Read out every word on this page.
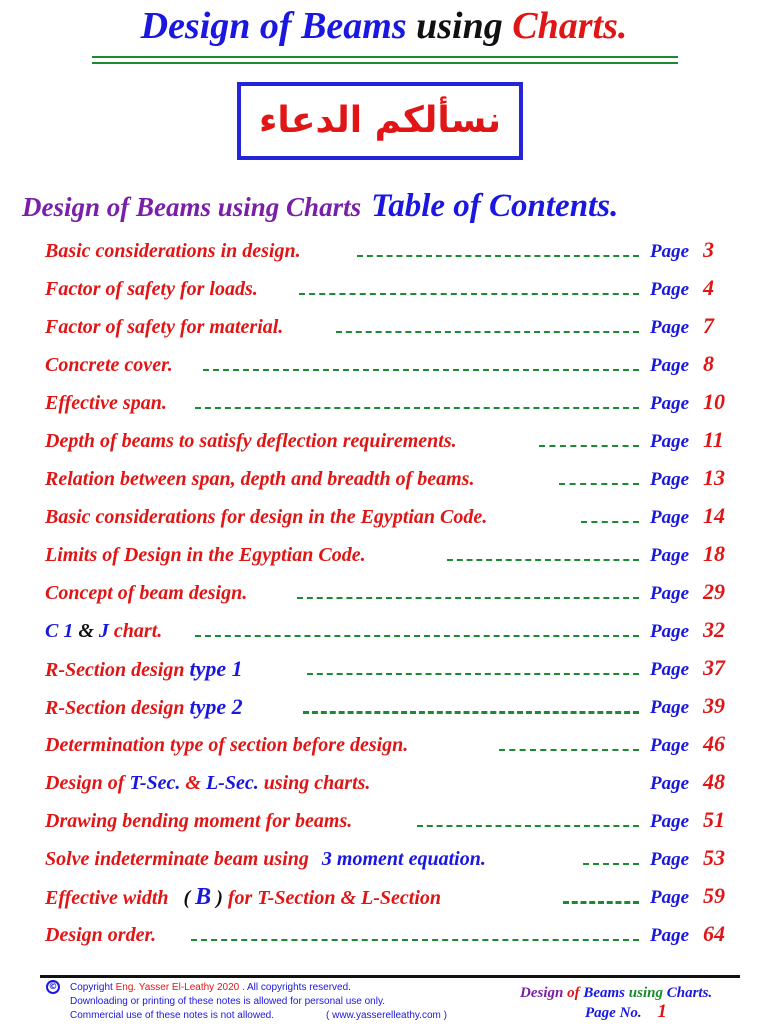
Design of Beams using Charts.
نسألكم الدعاء
Design of Beams using Charts Table of Contents.
Basic considerations in design.	Page 3
Factor of safety for loads.	Page 4
Factor of safety for material.	Page 7
Concrete cover.	Page 8
Effective span.	Page 10
Depth of beams to satisfy deflection requirements.	Page 11
Relation between span, depth and breadth of beams.	Page 13
Basic considerations for design in the Egyptian Code.	Page 14
Limits of Design in the Egyptian Code.	Page 18
Concept of beam design.	Page 29
C 1 & J chart.	Page 32
R-Section design type 1	Page 37
R-Section design type 2	Page 39
Determination type of section before design.	Page 46
Design of T-Sec. & L-Sec. using charts.	Page 48
Drawing bending moment for beams.	Page 51
Solve indeterminate beam using 3 moment equation.	Page 53
Effective width ( B ) for T-Section & L-Section	Page 59
Design order.	Page 64
© Copyright Eng. Yasser El-Leathy 2020 . All copyrights reserved.
Downloading or printing of these notes is allowed for personal use only.
Commercial use of these notes is not allowed.	( www.yasserelleathy.com )
Design of Beams using Charts.
Page No. 1
